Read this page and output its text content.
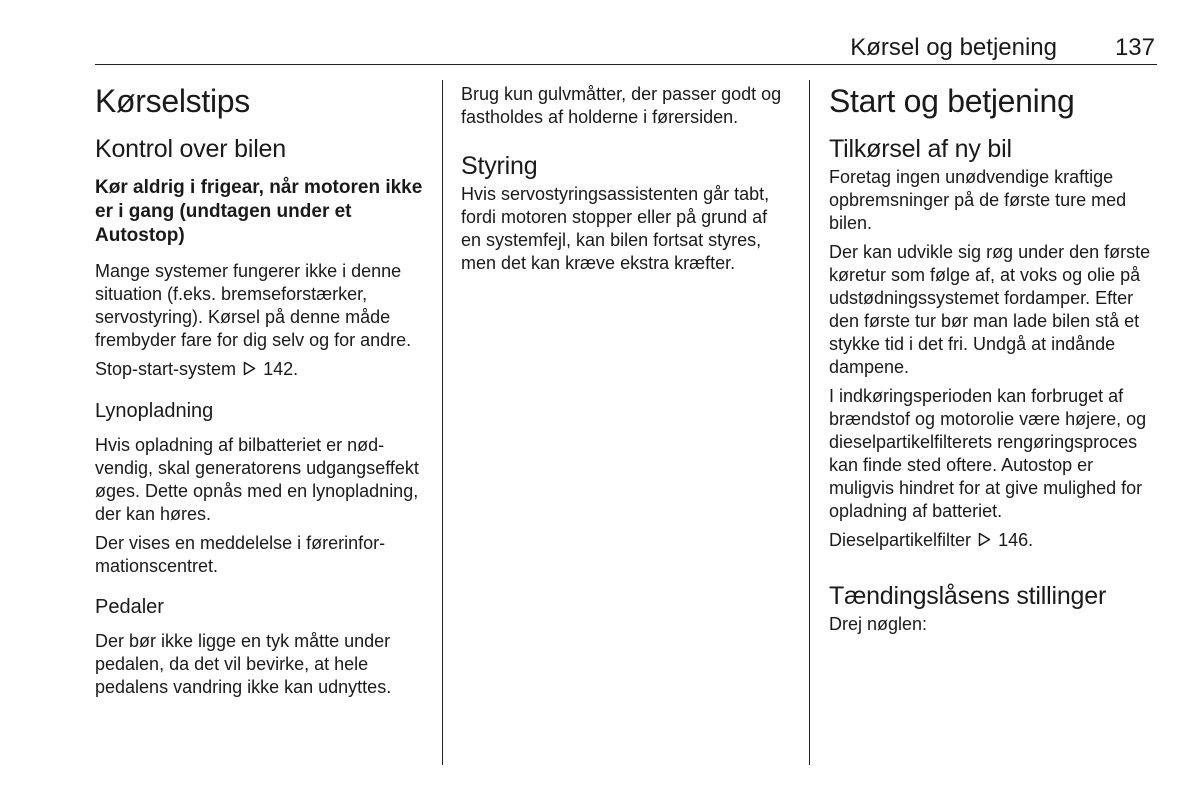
Kørsel og betjening 137
Kørselstips
Kontrol over bilen
Kør aldrig i frigear, når motoren ikke er i gang (undtagen under et Autostop)

Mange systemer fungerer ikke i denne situation (f.eks. bremseforstærker, servostyring). Kørsel på denne måde frembyder fare for dig selv og for andre.

Stop-start-system 142.

Lynopladning

Hvis opladning af bilbatteriet er nødvendig, skal generatorens udgangseffekt øges. Dette opnås med en lynopladning, der kan høres.

Der vises en meddelelse i førerinformationscentret.

Pedaler

Der bør ikke ligge en tyk måtte under pedalen, da det vil bevirke, at hele pedalens vandring ikke kan udnyttes.

Brug kun gulvmåtter, der passer godt og fastholdes af holderne i førersiden.

Styring

Hvis servostyringsassistenten går tabt, fordi motoren stopper eller på grund af en systemfejl, kan bilen fortsat styres, men det kan kræve ekstra kræfter.

Start og betjening
Tilkørsel af ny bil

Foretag ingen unødvendige kraftige opbremsninger på de første ture med bilen.

Der kan udvikle sig røg under den første køretur som følge af, at voks og olie på udstødningssystemet fordamper. Efter den første tur bør man lade bilen stå et stykke tid i det fri. Undgå at indånde dampene.

I indkøringsperioden kan forbruget af brændstof og motorolie være højere, og dieselpartikelfilterets rengøringsproces kan finde sted oftere. Autostop er muligvis hindret for at give mulighed for opladning af batteriet.

Dieselpartikelfilter 146.

Tændingslåsens stillinger

Drej nøglen:
